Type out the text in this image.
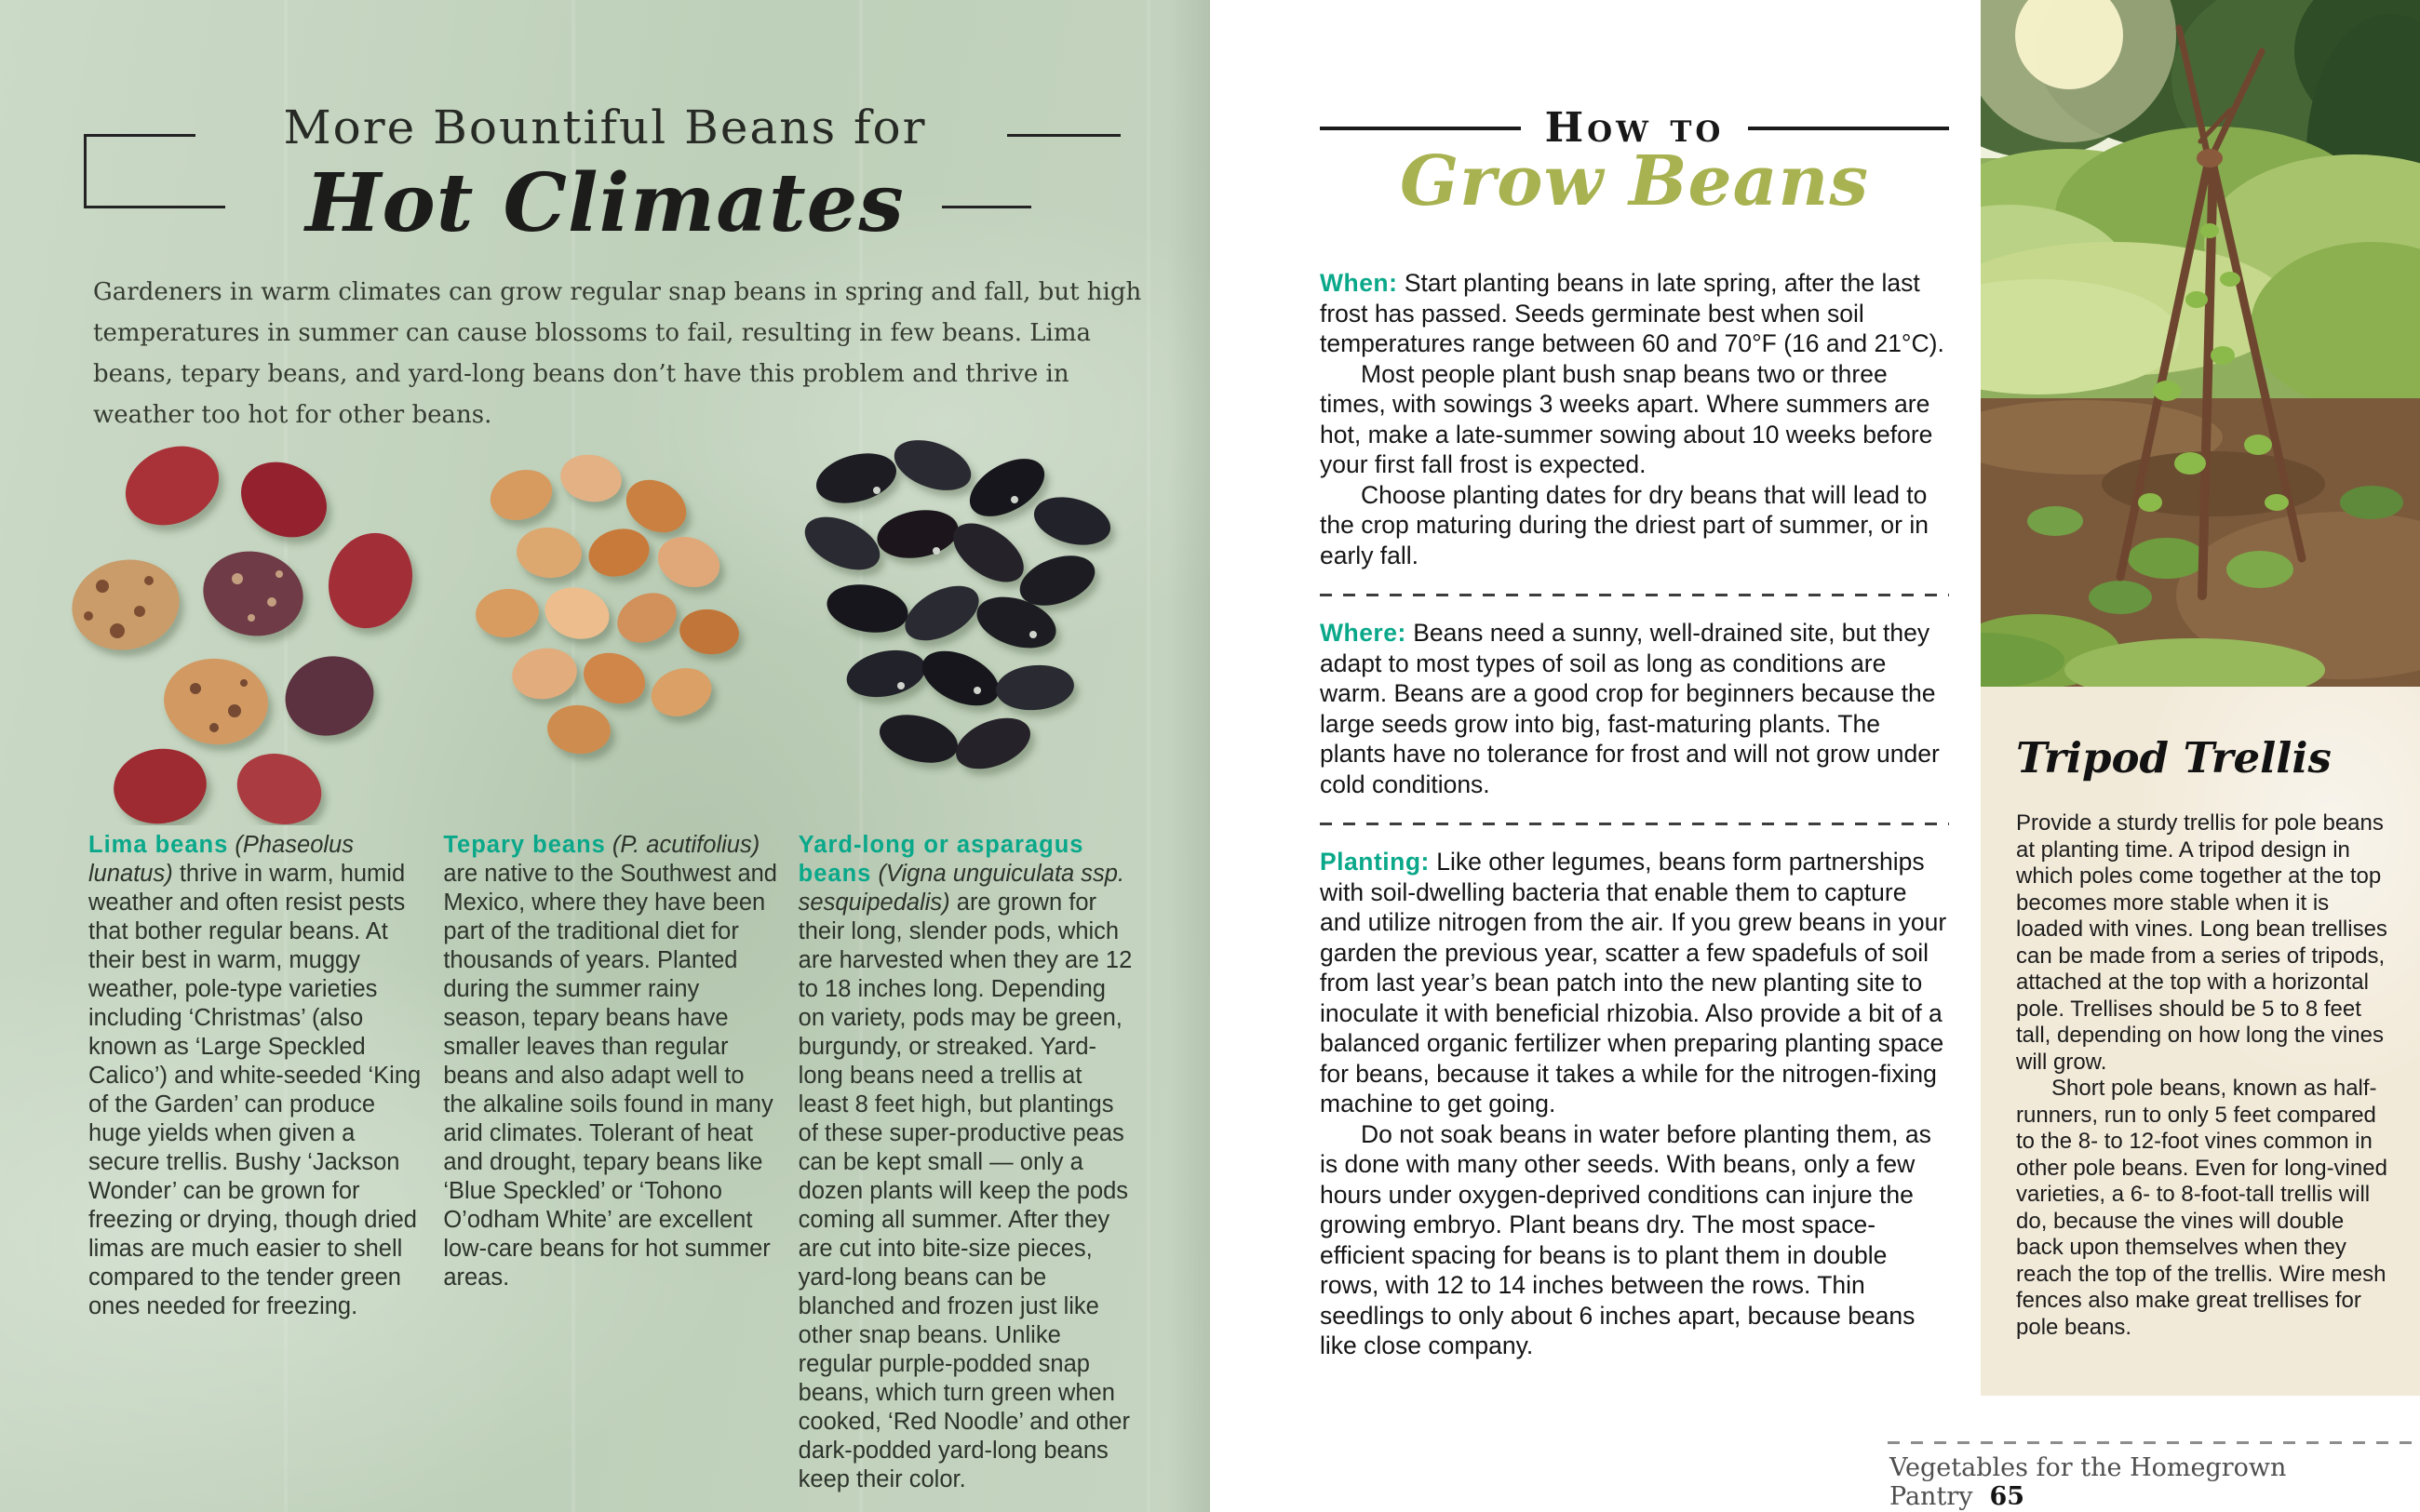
More Bountiful Beans for
Hot Climates
Gardeners in warm climates can grow regular snap beans in spring and fall, but high temperatures in summer can cause blossoms to fail, resulting in few beans. Lima beans, tepary beans, and yard-long beans don’t have this problem and thrive in weather too hot for other beans.

Lima beans (Phaseolus lunatus) thrive in warm, humid weather and often resist pests that bother regular beans. At their best in warm, muggy weather, pole-type varieties including ‘Christmas’ (also known as ‘Large Speckled Calico’) and white-seeded ‘King of the Garden’ can produce huge yields when given a secure trellis. Bushy ‘Jackson Wonder’ can be grown for freezing or drying, though dried limas are much easier to shell compared to the tender green ones needed for freezing.

Tepary beans (P. acutifolius) are native to the Southwest and Mexico, where they have been part of the traditional diet for thousands of years. Planted during the summer rainy season, tepary beans have smaller leaves than regular beans and also adapt well to the alkaline soils found in many arid climates. Tolerant of heat and drought, tepary beans like ‘Blue Speckled’ or ‘Tohono O’odham White’ are excellent low-care beans for hot summer areas.

Yard-long or asparagus beans (Vigna unguiculata ssp. sesquipedalis) are grown for their long, slender pods, which are harvested when they are 12 to 18 inches long. Depending on variety, pods may be green, burgundy, or streaked. Yard-long beans need a trellis at least 8 feet high, but plantings of these super-productive peas can be kept small — only a dozen plants will keep the pods coming all summer. After they are cut into bite-size pieces, yard-long beans can be blanched and frozen just like other snap beans. Unlike regular purple-podded snap beans, which turn green when cooked, ‘Red Noodle’ and other dark-podded yard-long beans keep their color.

How to
Grow Beans

When: Start planting beans in late spring, after the last frost has passed. Seeds germinate best when soil temperatures range between 60 and 70°F (16 and 21°C).

Most people plant bush snap beans two or three times, with sowings 3 weeks apart. Where summers are hot, make a late-summer sowing about 10 weeks before your first fall frost is expected.

Choose planting dates for dry beans that will lead to the crop maturing during the driest part of summer, or in early fall.

Where: Beans need a sunny, well-drained site, but they adapt to most types of soil as long as conditions are warm. Beans are a good crop for beginners because the large seeds grow into big, fast-maturing plants. The plants have no tolerance for frost and will not grow under cold conditions.

Planting: Like other legumes, beans form partnerships with soil-dwelling bacteria that enable them to capture and utilize nitrogen from the air. If you grew beans in your garden the previous year, scatter a few spadefuls of soil from last year’s bean patch into the new planting site to inoculate it with beneficial rhizobia. Also provide a bit of a balanced organic fertilizer when preparing planting space for beans, because it takes a while for the nitrogen-fixing machine to get going.

Do not soak beans in water before planting them, as is done with many other seeds. With beans, only a few hours under oxygen-deprived conditions can injure the growing embryo. Plant beans dry. The most space-efficient spacing for beans is to plant them in double rows, with 12 to 14 inches between the rows. Thin seedlings to only about 6 inches apart, because beans like close company.

Tripod Trellis

Provide a sturdy trellis for pole beans at planting time. A tripod design in which poles come together at the top becomes more stable when it is loaded with vines. Long bean trellises can be made from a series of tripods, attached at the top with a horizontal pole. Trellises should be 5 to 8 feet tall, depending on how long the vines will grow.

Short pole beans, known as half-runners, run to only 5 feet compared to the 8- to 12-foot vines common in other pole beans. Even for long-vined varieties, a 6- to 8-foot-tall trellis will do, because the vines will double back upon themselves when they reach the top of the trellis. Wire mesh fences also make great trellises for pole beans.

Vegetables for the Homegrown Pantry 65
